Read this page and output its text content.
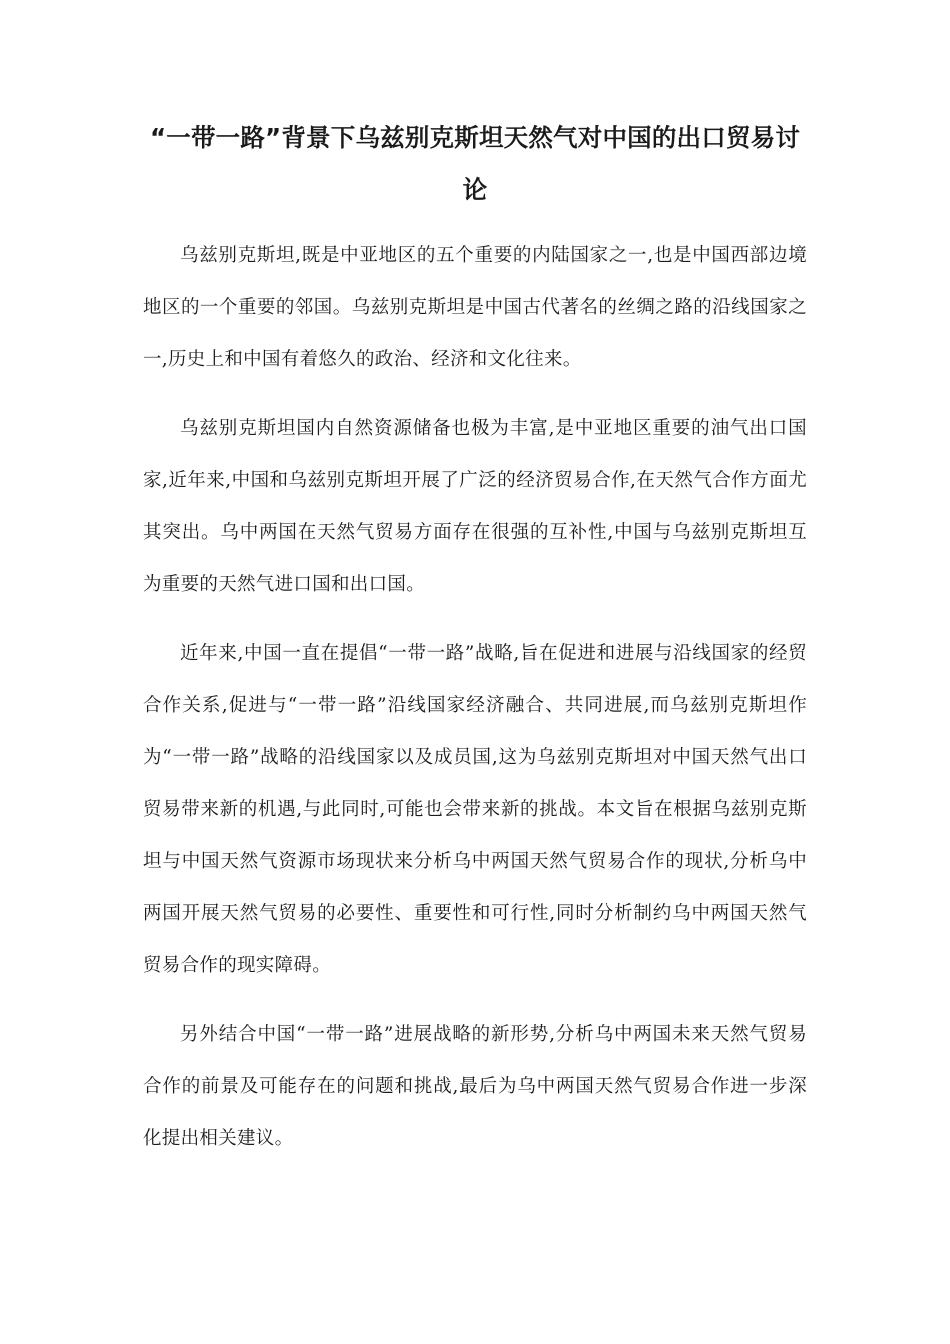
“一带一路”背景下乌兹别克斯坦天然气对中国的出口贸易讨论

乌兹别克斯坦,既是中亚地区的五个重要的内陆国家之一,也是中国西部边境地区的一个重要的邻国。乌兹别克斯坦是中国古代著名的丝绸之路的沿线国家之一,历史上和中国有着悠久的政治、经济和文化往来。

乌兹别克斯坦国内自然资源储备也极为丰富,是中亚地区重要的油气出口国家,近年来,中国和乌兹别克斯坦开展了广泛的经济贸易合作,在天然气合作方面尤其突出。乌中两国在天然气贸易方面存在很强的互补性,中国与乌兹别克斯坦互为重要的天然气进口国和出口国。

近年来,中国一直在提倡“一带一路”战略,旨在促进和进展与沿线国家的经贸合作关系,促进与“一带一路”沿线国家经济融合、共同进展,而乌兹别克斯坦作为“一带一路”战略的沿线国家以及成员国,这为乌兹别克斯坦对中国天然气出口贸易带来新的机遇,与此同时,可能也会带来新的挑战。本文旨在根据乌兹别克斯坦与中国天然气资源市场现状来分析乌中两国天然气贸易合作的现状,分析乌中两国开展天然气贸易的必要性、重要性和可行性,同时分析制约乌中两国天然气贸易合作的现实障碍。

另外结合中国“一带一路”进展战略的新形势,分析乌中两国未来天然气贸易合作的前景及可能存在的问题和挑战,最后为乌中两国天然气贸易合作进一步深化提出相关建议。
